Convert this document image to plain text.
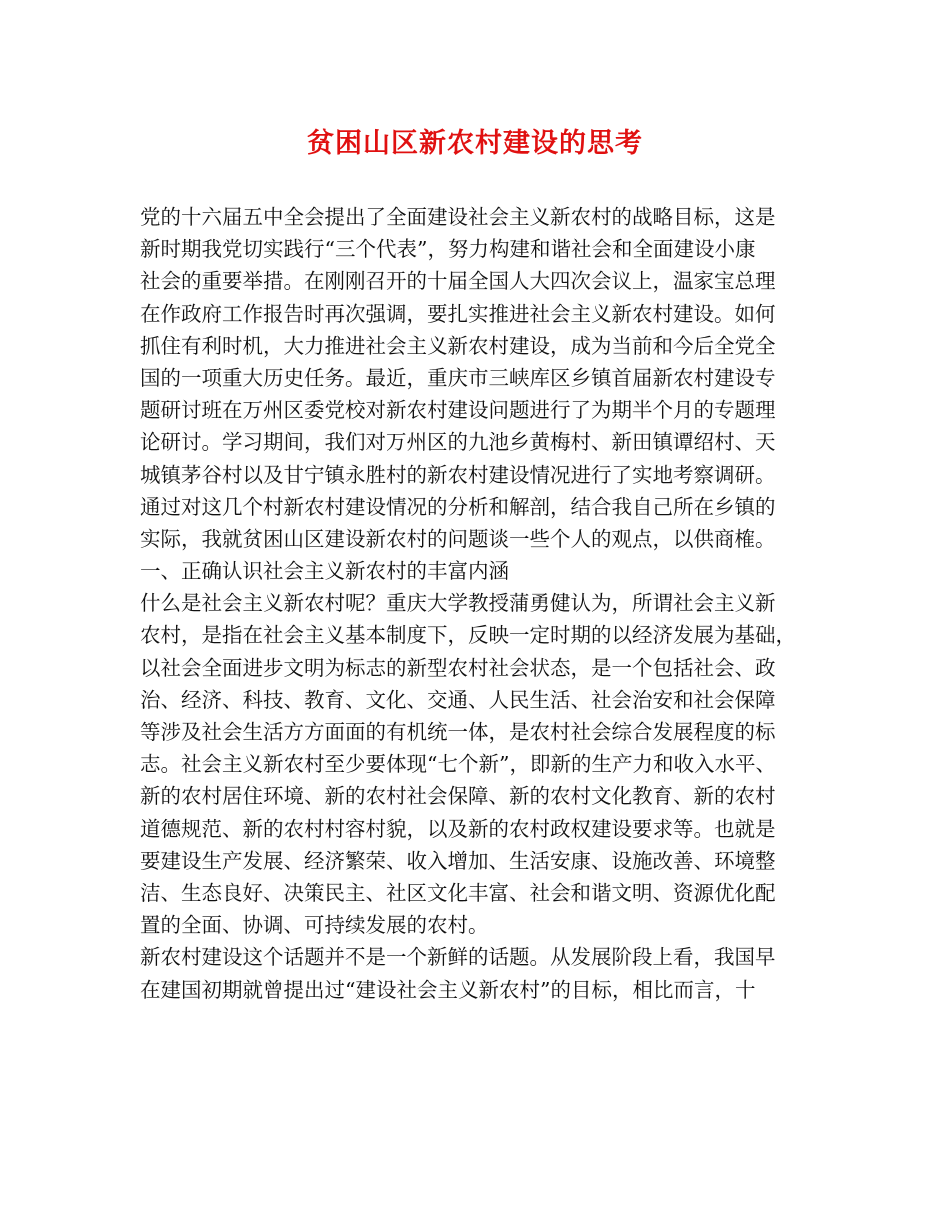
贫困山区新农村建设的思考
党的十六届五中全会提出了全面建设社会主义新农村的战略目标，这是
新时期我党切实践行“三个代表”，努力构建和谐社会和全面建设小康
社会的重要举措。在刚刚召开的十届全国人大四次会议上，温家宝总理
在作政府工作报告时再次强调，要扎实推进社会主义新农村建设。如何
抓住有利时机，大力推进社会主义新农村建设，成为当前和今后全党全
国的一项重大历史任务。最近，重庆市三峡库区乡镇首届新农村建设专
题研讨班在万州区委党校对新农村建设问题进行了为期半个月的专题理
论研讨。学习期间，我们对万州区的九池乡黄梅村、新田镇谭绍村、天
城镇茅谷村以及甘宁镇永胜村的新农村建设情况进行了实地考察调研。
通过对这几个村新农村建设情况的分析和解剖，结合我自己所在乡镇的
实际，我就贫困山区建设新农村的问题谈一些个人的观点，以供商榷。
一、正确认识社会主义新农村的丰富内涵
什么是社会主义新农村呢？重庆大学教授蒲勇健认为，所谓社会主义新
农村，是指在社会主义基本制度下，反映一定时期的以经济发展为基础，
以社会全面进步文明为标志的新型农村社会状态，是一个包括社会、政
治、经济、科技、教育、文化、交通、人民生活、社会治安和社会保障
等涉及社会生活方方面面的有机统一体，是农村社会综合发展程度的标
志。社会主义新农村至少要体现“七个新”，即新的生产力和收入水平、
新的农村居住环境、新的农村社会保障、新的农村文化教育、新的农村
道德规范、新的农村村容村貌，以及新的农村政权建设要求等。也就是
要建设生产发展、经济繁荣、收入增加、生活安康、设施改善、环境整
洁、生态良好、决策民主、社区文化丰富、社会和谐文明、资源优化配
置的全面、协调、可持续发展的农村。
新农村建设这个话题并不是一个新鲜的话题。从发展阶段上看，我国早
在建国初期就曾提出过“建设社会主义新农村”的目标，相比而言，十
